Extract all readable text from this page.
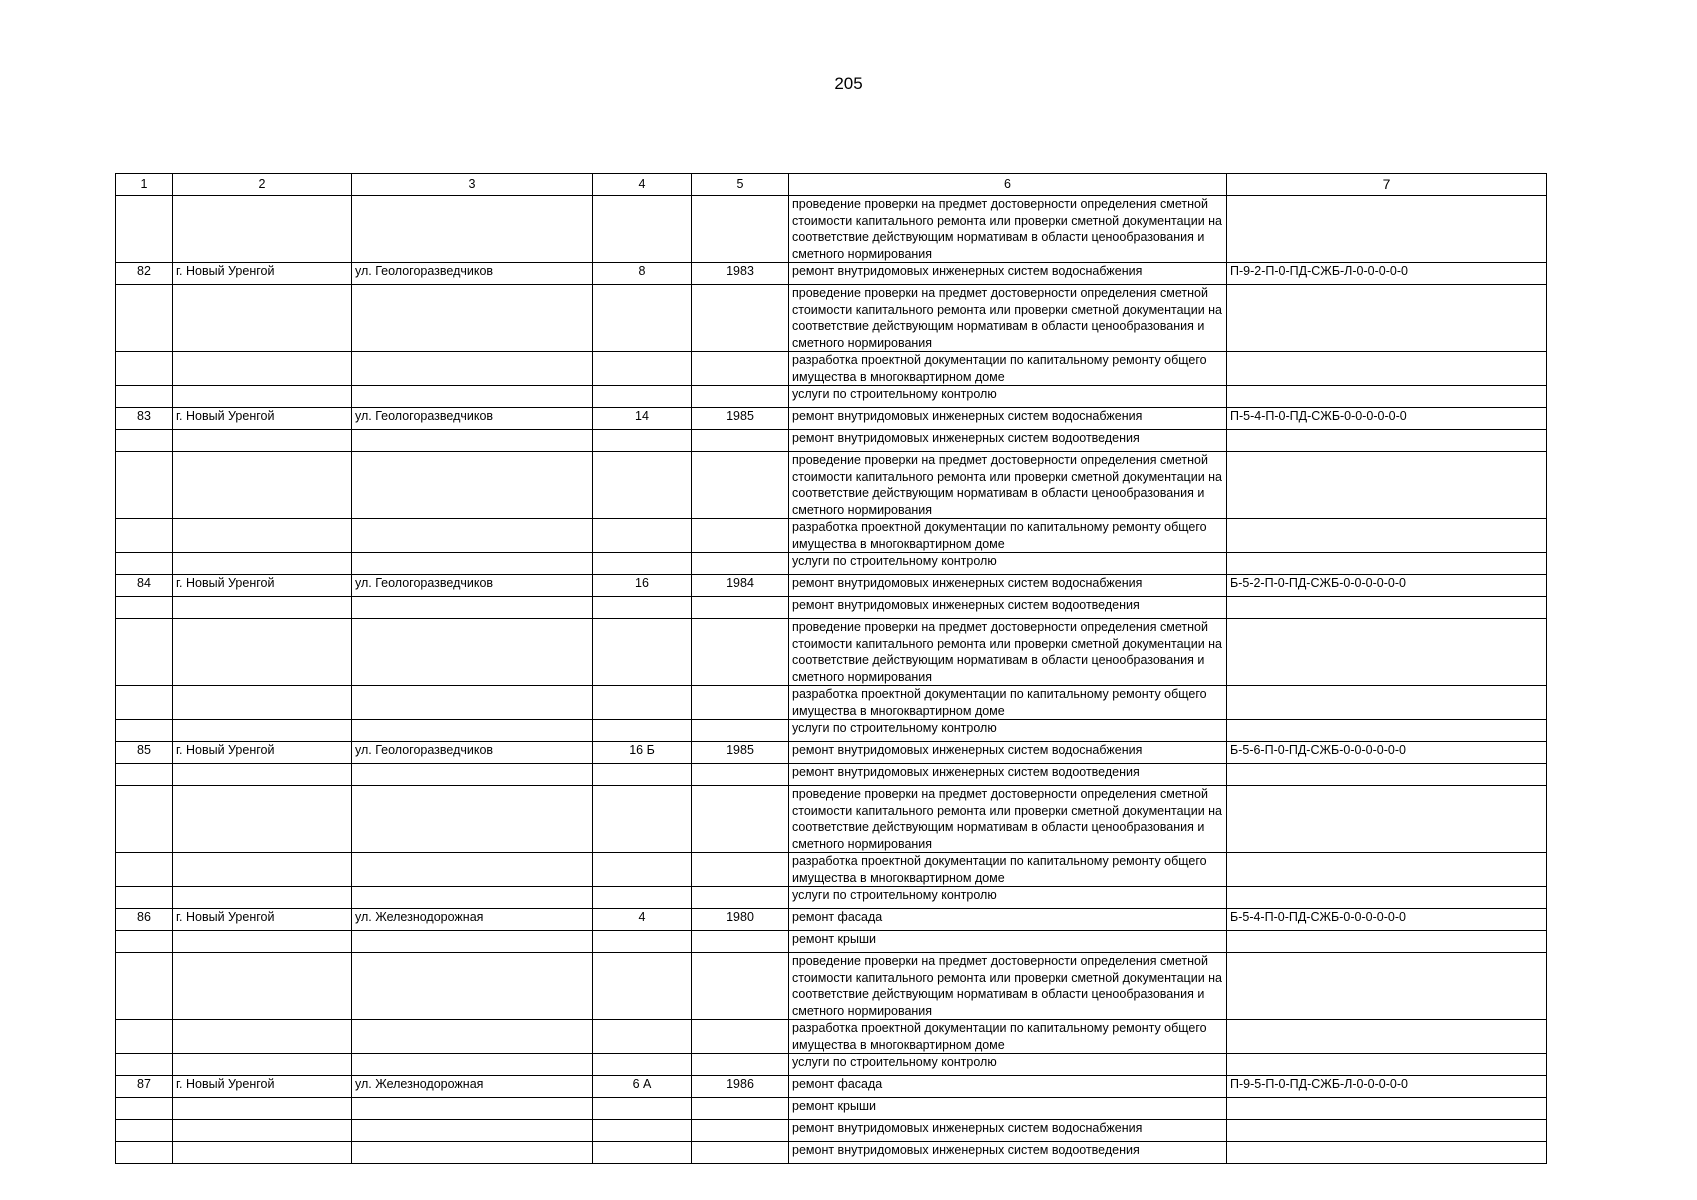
205
1	2	3	4	5	6	7
					проведение проверки на предмет достоверности определения сметной стоимости капитального ремонта или проверки сметной документации на соответствие действующим нормативам в области ценообразования и сметного нормирования	
82	г. Новый Уренгой	ул. Геологоразведчиков	8	1983	ремонт внутридомовых инженерных систем водоснабжения	П-9-2-П-0-ПД-СЖБ-Л-0-0-0-0-0
					проведение проверки на предмет достоверности определения сметной стоимости капитального ремонта или проверки сметной документации на соответствие действующим нормативам в области ценообразования и сметного нормирования	
					разработка проектной документации по капитальному ремонту общего имущества в многоквартирном доме	
					услуги по строительному контролю	
83	г. Новый Уренгой	ул. Геологоразведчиков	14	1985	ремонт внутридомовых инженерных систем водоснабжения	П-5-4-П-0-ПД-СЖБ-0-0-0-0-0-0
					ремонт внутридомовых инженерных систем водоотведения	
					проведение проверки на предмет достоверности определения сметной стоимости капитального ремонта или проверки сметной документации на соответствие действующим нормативам в области ценообразования и сметного нормирования	
					разработка проектной документации по капитальному ремонту общего имущества в многоквартирном доме	
					услуги по строительному контролю	
84	г. Новый Уренгой	ул. Геологоразведчиков	16	1984	ремонт внутридомовых инженерных систем водоснабжения	Б-5-2-П-0-ПД-СЖБ-0-0-0-0-0-0
					ремонт внутридомовых инженерных систем водоотведения	
					проведение проверки на предмет достоверности определения сметной стоимости капитального ремонта или проверки сметной документации на соответствие действующим нормативам в области ценообразования и сметного нормирования	
					разработка проектной документации по капитальному ремонту общего имущества в многоквартирном доме	
					услуги по строительному контролю	
85	г. Новый Уренгой	ул. Геологоразведчиков	16 Б	1985	ремонт внутридомовых инженерных систем водоснабжения	Б-5-6-П-0-ПД-СЖБ-0-0-0-0-0-0
					ремонт внутридомовых инженерных систем водоотведения	
					проведение проверки на предмет достоверности определения сметной стоимости капитального ремонта или проверки сметной документации на соответствие действующим нормативам в области ценообразования и сметного нормирования	
					разработка проектной документации по капитальному ремонту общего имущества в многоквартирном доме	
					услуги по строительному контролю	
86	г. Новый Уренгой	ул. Железнодорожная	4	1980	ремонт фасада	Б-5-4-П-0-ПД-СЖБ-0-0-0-0-0-0
					ремонт крыши	
					проведение проверки на предмет достоверности определения сметной стоимости капитального ремонта или проверки сметной документации на соответствие действующим нормативам в области ценообразования и сметного нормирования	
					разработка проектной документации по капитальному ремонту общего имущества в многоквартирном доме	
					услуги по строительному контролю	
87	г. Новый Уренгой	ул. Железнодорожная	6 А	1986	ремонт фасада	П-9-5-П-0-ПД-СЖБ-Л-0-0-0-0-0
					ремонт крыши	
					ремонт внутридомовых инженерных систем водоснабжения	
					ремонт внутридомовых инженерных систем водоотведения	
